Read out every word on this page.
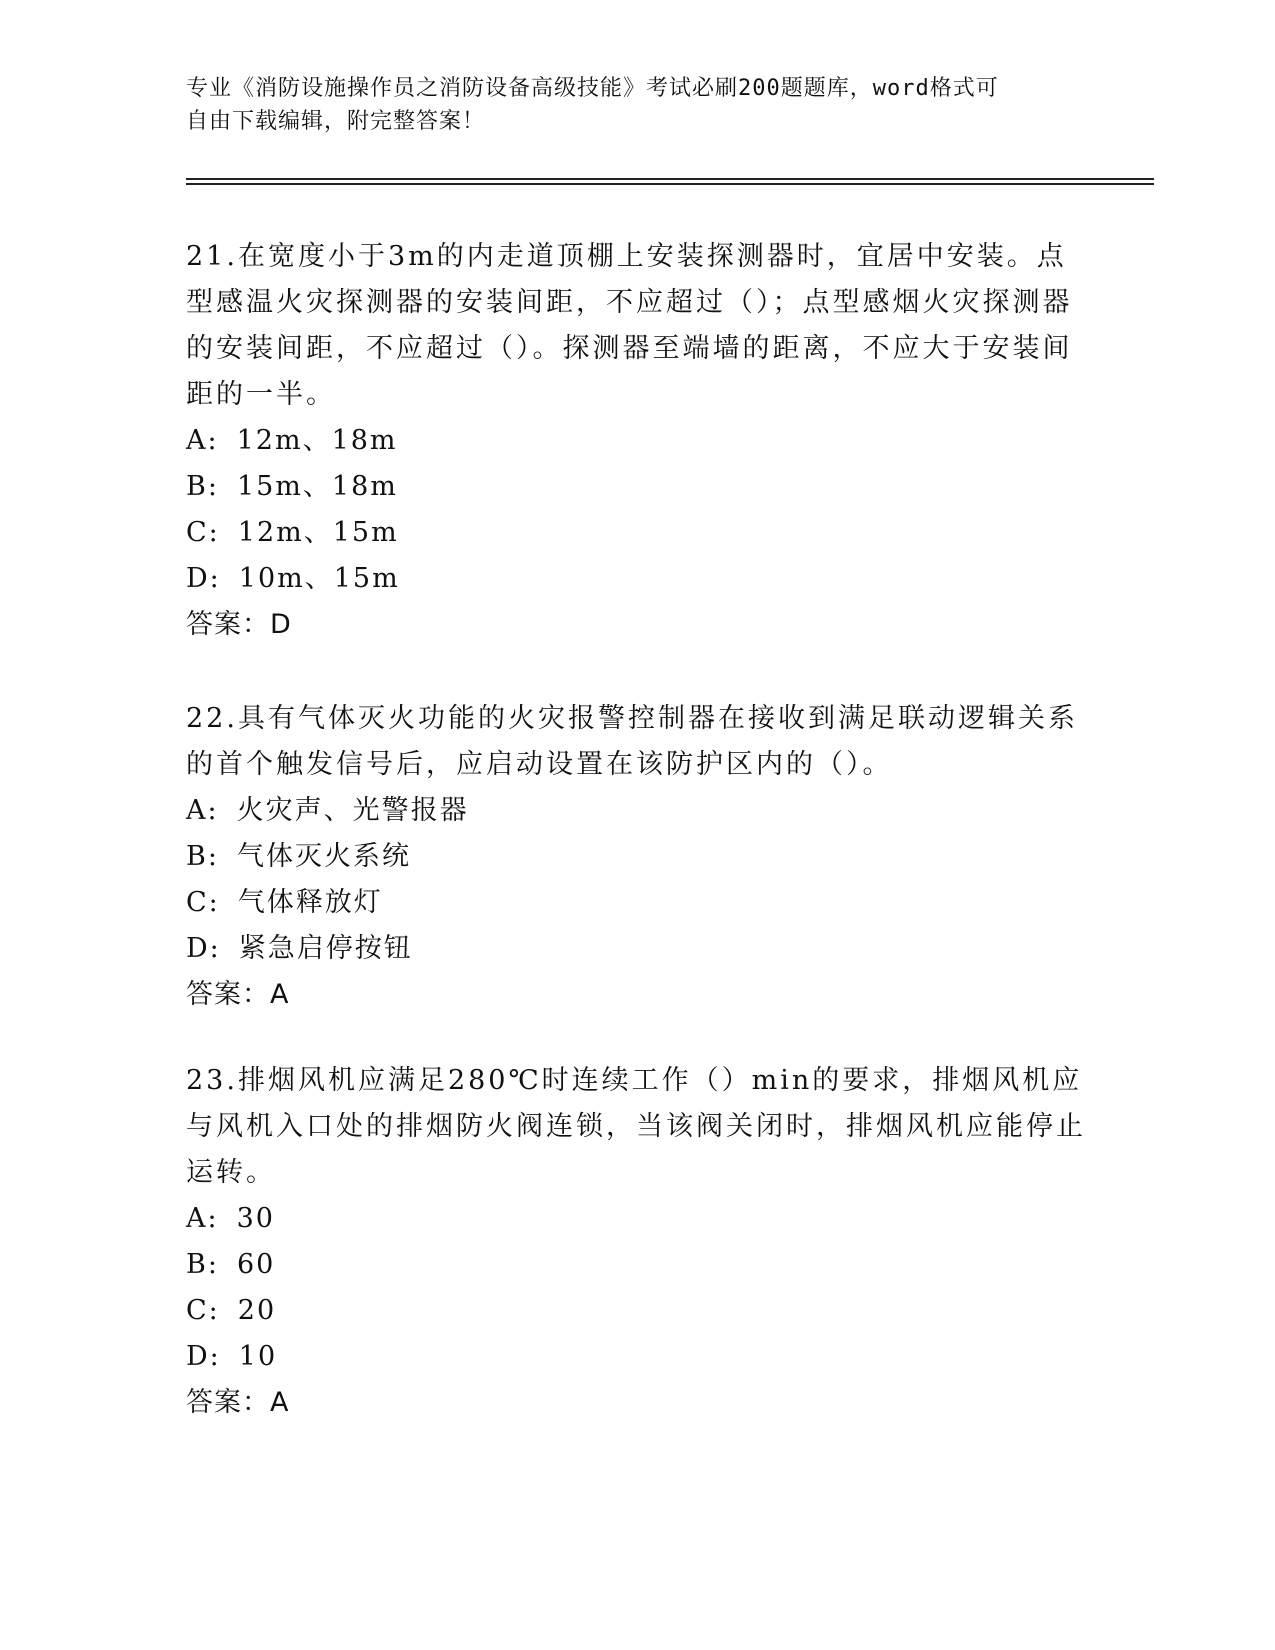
专业《消防设施操作员之消防设备高级技能》考试必刷200题题库，word格式可
自由下载编辑，附完整答案！
21.在宽度小于3m的内走道顶棚上安装探测器时，宜居中安装。点型感温火灾探测器的安装间距，不应超过（）；点型感烟火灾探测器的安装间距，不应超过（）。探测器至端墙的距离，不应大于安装间距的一半。
A: 12m、18m
B: 15m、18m
C: 12m、15m
D: 10m、15m
答案：D
22.具有气体灭火功能的火灾报警控制器在接收到满足联动逻辑关系的首个触发信号后，应启动设置在该防护区内的（）。
A: 火灾声、光警报器
B: 气体灭火系统
C: 气体释放灯
D: 紧急启停按钮
答案：A
23.排烟风机应满足280℃时连续工作（）min的要求，排烟风机应与风机入口处的排烟防火阀连锁，当该阀关闭时，排烟风机应能停止运转。
A: 30
B: 60
C: 20
D: 10
答案：A
